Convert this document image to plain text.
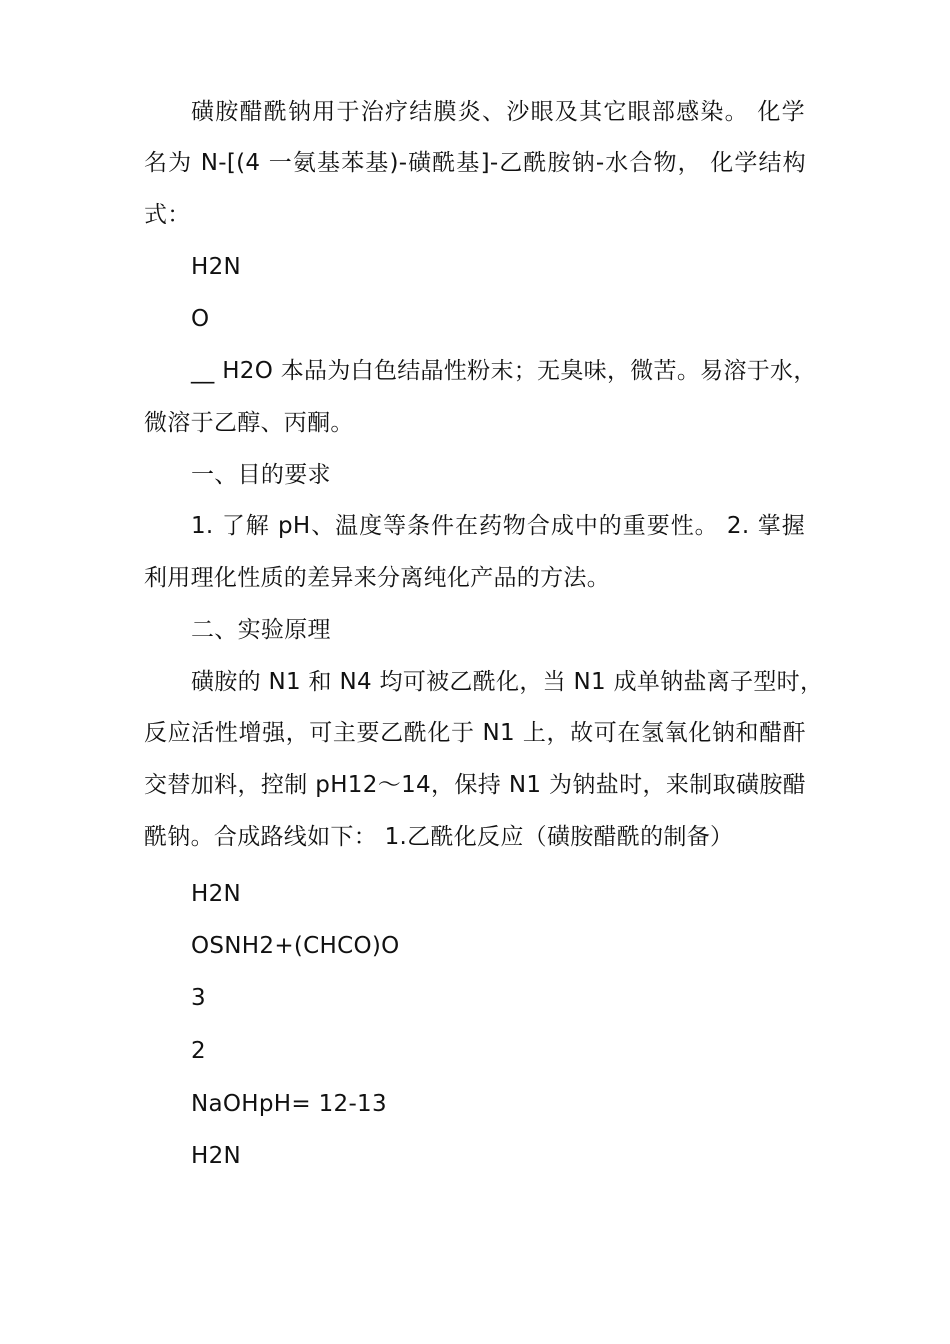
磺胺醋酰钠用于治疗结膜炎、沙眼及其它眼部感染。 化学
名为 N-[(4 一氨基苯基)-磺酰基]-乙酰胺钠-水合物， 化学结构
式：
H2N
O
__ H2O 本品为白色结晶性粉末；无臭味，微苦。易溶于水，
微溶于乙醇、丙酮。
一、目的要求
1. 了解 pH、温度等条件在药物合成中的重要性。 2. 掌握
利用理化性质的差异来分离纯化产品的方法。
二、实验原理
磺胺的 N1 和 N4 均可被乙酰化，当 N1 成单钠盐离子型时，
反应活性增强，可主要乙酰化于 N1 上，故可在氢氧化钠和醋酐
交替加料，控制 pH12～14，保持 N1 为钠盐时，来制取磺胺醋
酰钠。合成路线如下： 1.乙酰化反应（磺胺醋酰的制备）
H2N
OSNH2+(CHCO)O
3
2
NaOHpH= 12-13
H2N
